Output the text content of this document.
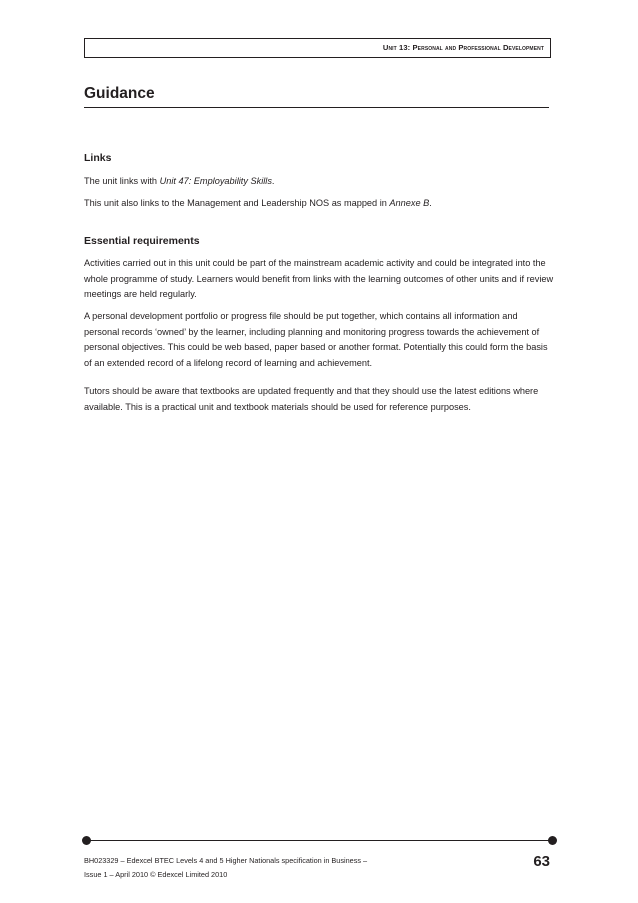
Unit 13: Personal and Professional Development
Guidance
Links

The unit links with Unit 47: Employability Skills.

This unit also links to the Management and Leadership NOS as mapped in Annexe B.

Essential requirements

Activities carried out in this unit could be part of the mainstream academic activity and could be integrated into the whole programme of study. Learners would benefit from links with the learning outcomes of other units and if review meetings are held regularly.

A personal development portfolio or progress file should be put together, which contains all information and personal records ‘owned’ by the learner, including planning and monitoring progress towards the achievement of personal objectives. This could be web based, paper based or another format. Potentially this could form the basis of an extended record of a lifelong record of learning and achievement.

Tutors should be aware that textbooks are updated frequently and that they should use the latest editions where available. This is a practical unit and textbook materials should be used for reference purposes.

BH023329 – Edexcel BTEC Levels 4 and 5 Higher Nationals specification in Business –
Issue 1 – April 2010 © Edexcel Limited 2010

63
